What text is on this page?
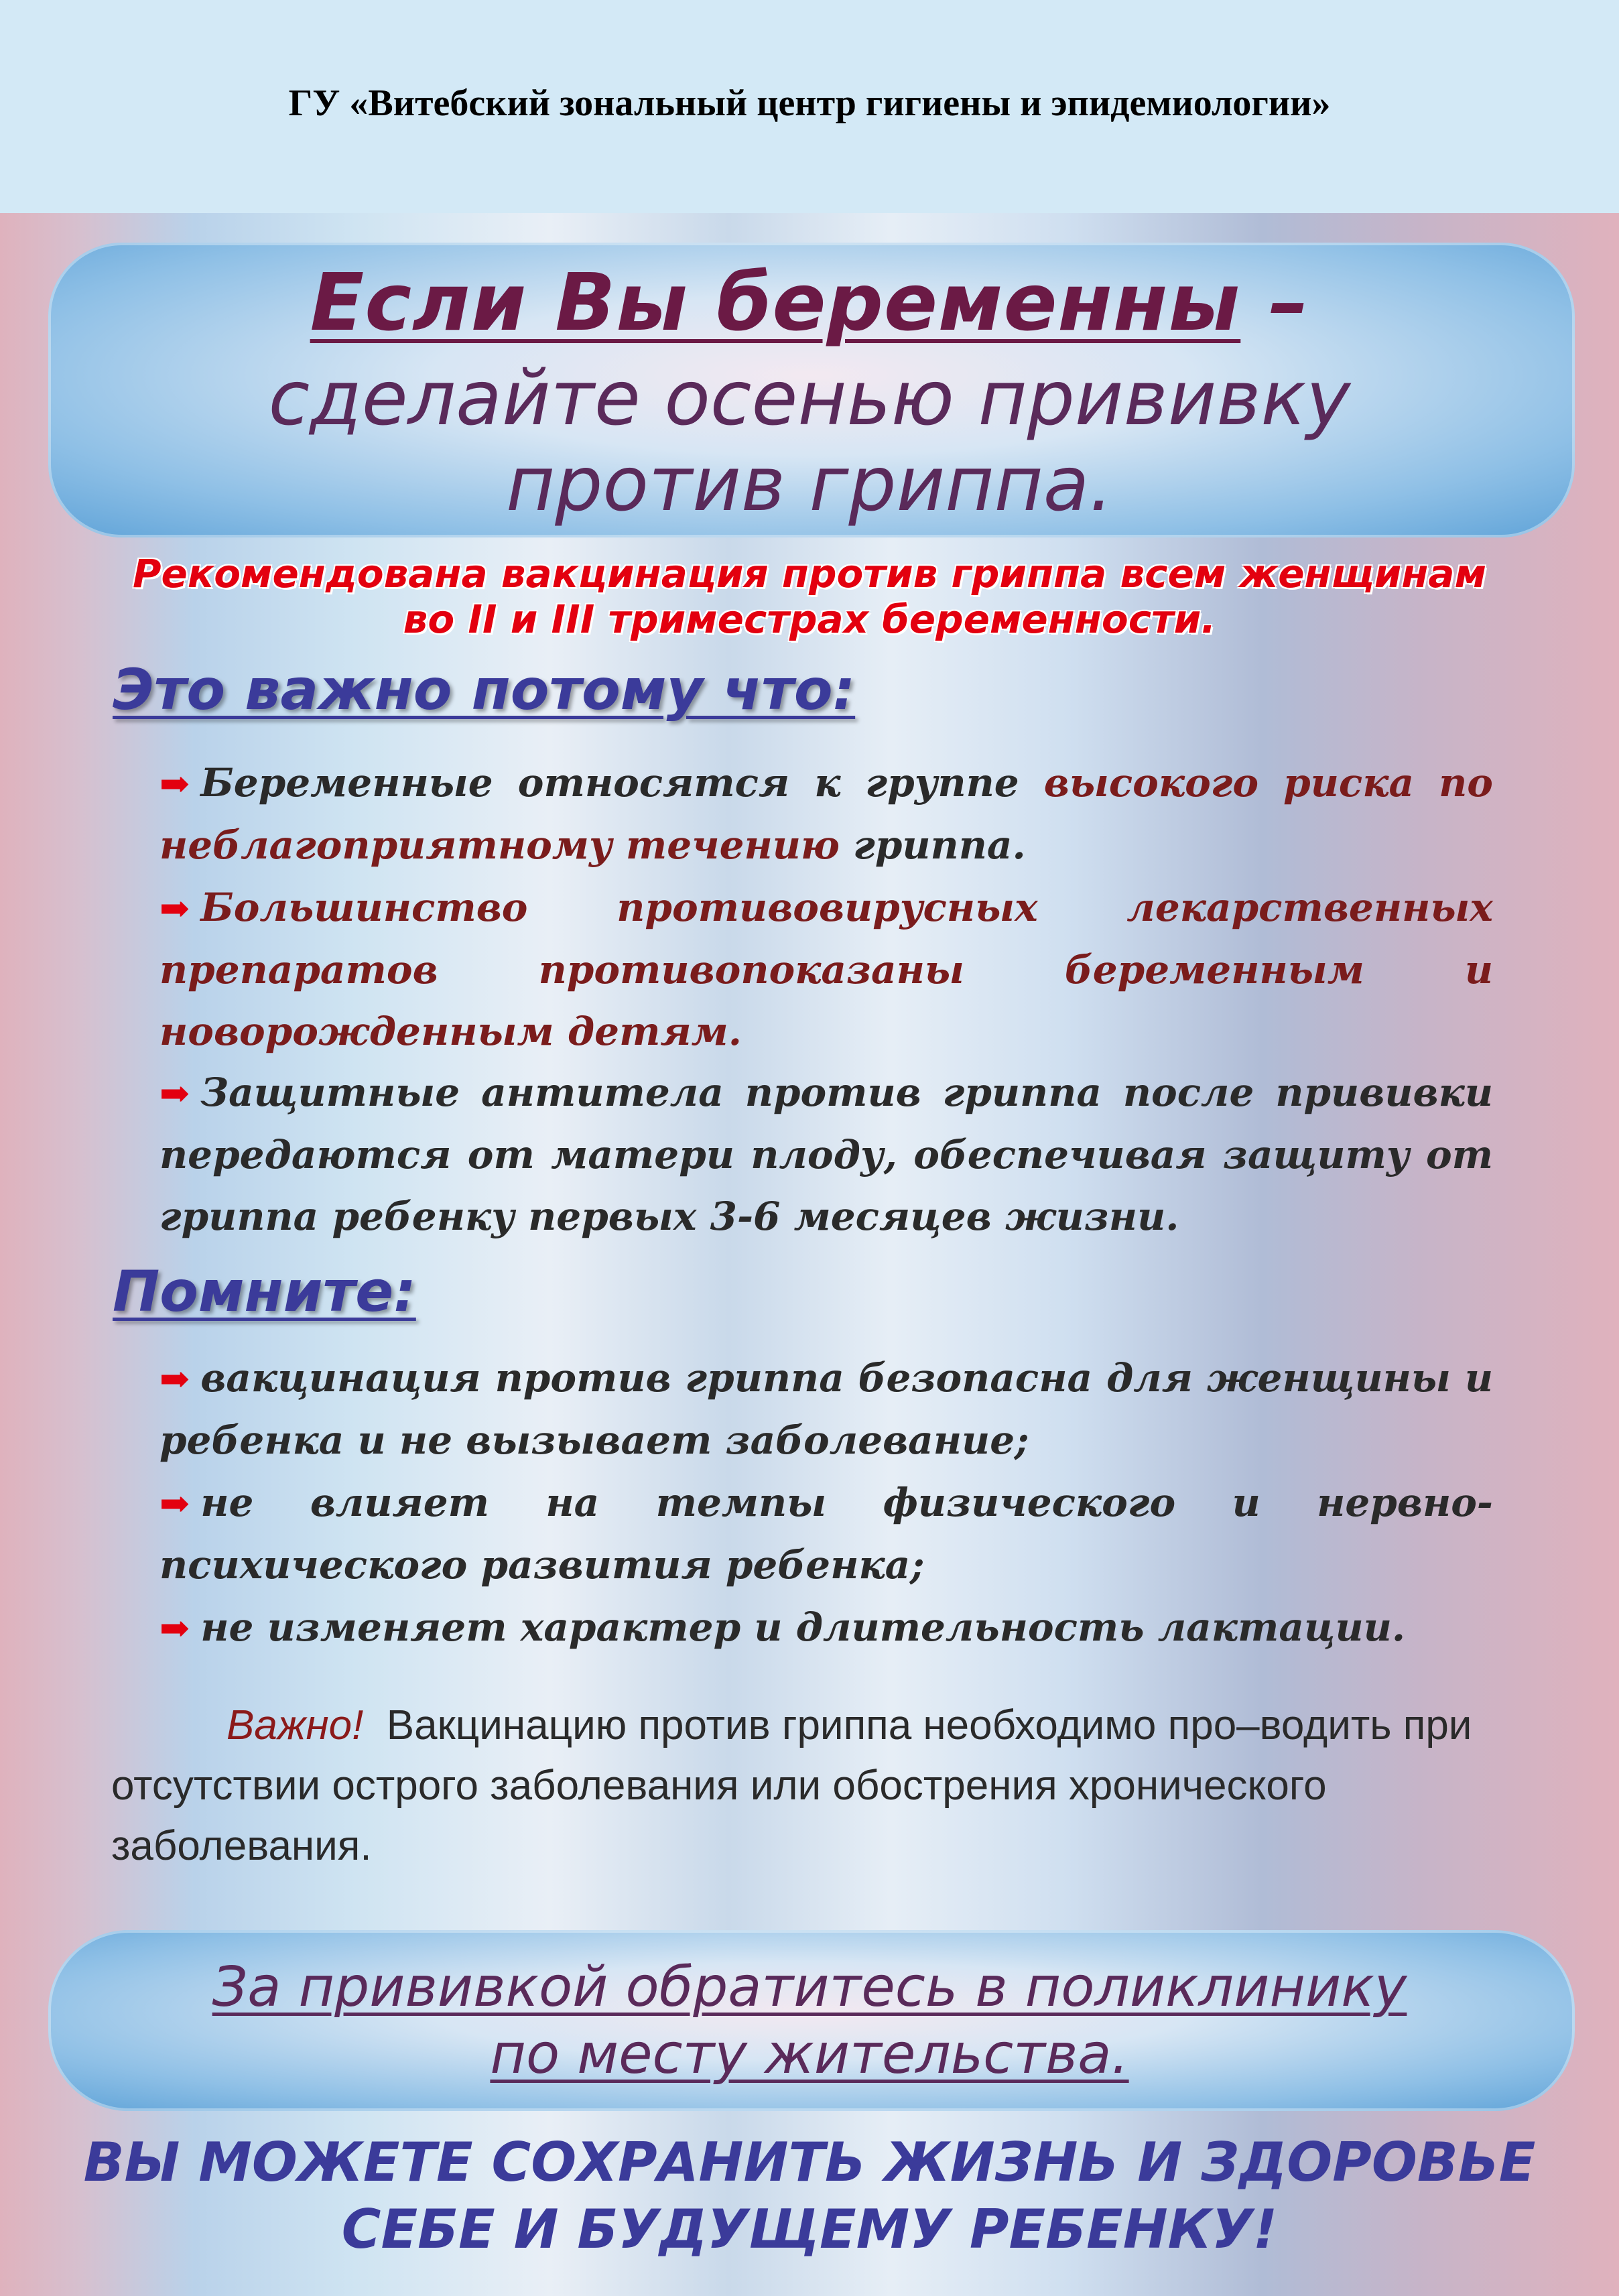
ГУ «Витебский зональный центр гигиены и эпидемиологии»
Если Вы беременны –
сделайте осенью прививку
против гриппа.
Рекомендована вакцинация против гриппа всем женщинам
во II и III триместрах беременности.
Это важно потому что:
➡ Беременные относятся к группе высокого риска по неблагоприятному течению гриппа.
➡ Большинство противовирусных лекарственных препаратов противопоказаны беременным и новорожденным детям.
➡ Защитные антитела против гриппа после прививки передаются от матери плоду, обеспечивая защиту от гриппа ребенку первых 3-6 месяцев жизни.
Помните:
➡ вакцинация против гриппа безопасна для женщины и ребенка и не вызывает заболевание;
➡ не влияет на темпы физического и нервно-психического развития ребенка;
➡ не изменяет характер и длительность лактации.
Важно! Вакцинацию против гриппа необходимо про–водить при отсутствии острого заболевания или обострения хронического заболевания.
За прививкой обратитесь в поликлинику
по месту жительства.
ВЫ МОЖЕТЕ СОХРАНИТЬ ЖИЗНЬ И ЗДОРОВЬЕ
СЕБЕ И БУДУЩЕМУ РЕБЕНКУ!
